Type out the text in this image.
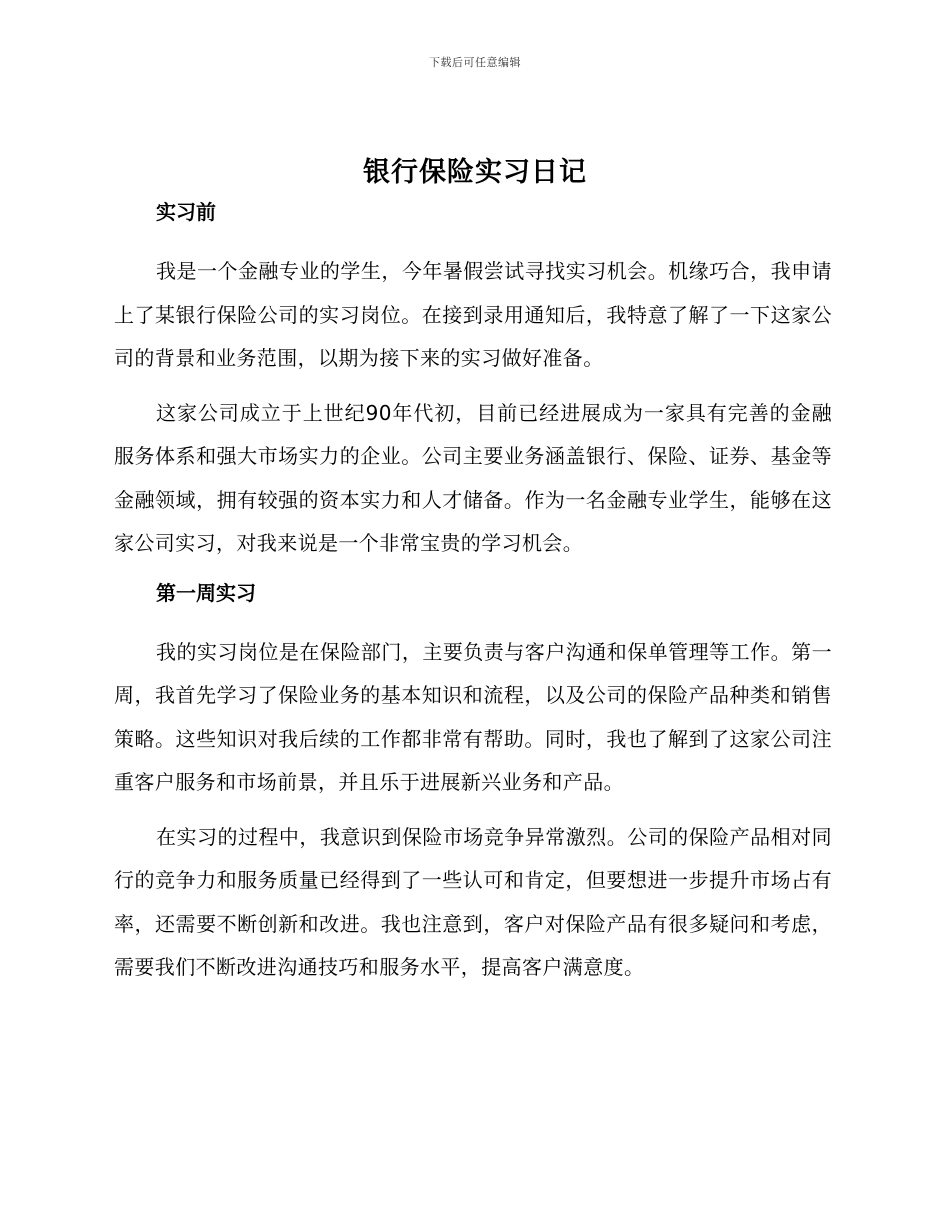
下载后可任意编辑
银行保险实习日记
实习前

我是一个金融专业的学生，今年暑假尝试寻找实习机会。机缘巧合，我申请上了某银行保险公司的实习岗位。在接到录用通知后，我特意了解了一下这家公司的背景和业务范围，以期为接下来的实习做好准备。

这家公司成立于上世纪90年代初，目前已经进展成为一家具有完善的金融服务体系和强大市场实力的企业。公司主要业务涵盖银行、保险、证券、基金等金融领域，拥有较强的资本实力和人才储备。作为一名金融专业学生，能够在这家公司实习，对我来说是一个非常宝贵的学习机会。

第一周实习

我的实习岗位是在保险部门，主要负责与客户沟通和保单管理等工作。第一周，我首先学习了保险业务的基本知识和流程，以及公司的保险产品种类和销售策略。这些知识对我后续的工作都非常有帮助。同时，我也了解到了这家公司注重客户服务和市场前景，并且乐于进展新兴业务和产品。

在实习的过程中，我意识到保险市场竞争异常激烈。公司的保险产品相对同行的竞争力和服务质量已经得到了一些认可和肯定，但要想进一步提升市场占有率，还需要不断创新和改进。我也注意到，客户对保险产品有很多疑问和考虑，需要我们不断改进沟通技巧和服务水平，提高客户满意度。
